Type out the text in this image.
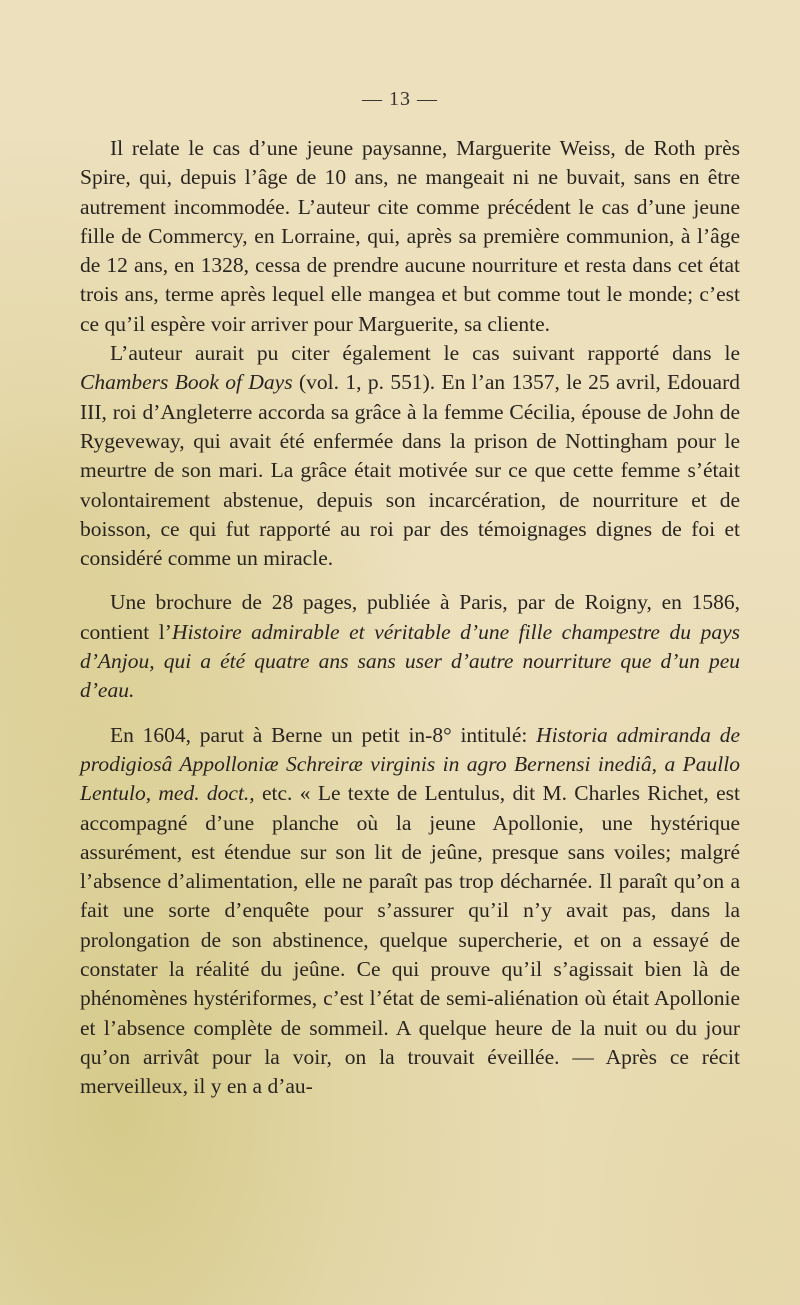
— 13 —

Il relate le cas d’une jeune paysanne, Marguerite Weiss, de Roth près Spire, qui, depuis l’âge de 10 ans, ne mangeait ni ne buvait, sans en être autrement incommodée. L’auteur cite comme précédent le cas d’une jeune fille de Commercy, en Lorraine, qui, après sa première communion, à l’âge de 12 ans, en 1328, cessa de prendre aucune nourriture et resta dans cet état trois ans, terme après lequel elle mangea et but comme tout le monde; c’est ce qu’il espère voir arriver pour Marguerite, sa cliente.

L’auteur aurait pu citer également le cas suivant rapporté dans le Chambers Book of Days (vol. 1, p. 551). En l’an 1357, le 25 avril, Edouard III, roi d’Angleterre accorda sa grâce à la femme Cécilia, épouse de John de Rygeveway, qui avait été enfermée dans la prison de Nottingham pour le meurtre de son mari. La grâce était motivée sur ce que cette femme s’était volontairement abstenue, depuis son incarcération, de nourriture et de boisson, ce qui fut rapporté au roi par des témoignages dignes de foi et considéré comme un miracle.

Une brochure de 28 pages, publiée à Paris, par de Roigny, en 1586, contient l’Histoire admirable et véritable d’une fille champestre du pays d’Anjou, qui a été quatre ans sans user d’autre nourriture que d’un peu d’eau.

En 1604, parut à Berne un petit in-8° intitulé: Historia admiranda de prodigiosâ Appolloniæ Schreiræ virginis in agro Bernensi inediâ, a Paullo Lentulo, med. doct., etc. « Le texte de Lentulus, dit M. Charles Richet, est accompagné d’une planche où la jeune Apollonie, une hystérique assurément, est étendue sur son lit de jeûne, presque sans voiles; malgré l’absence d’alimentation, elle ne paraît pas trop décharnée. Il paraît qu’on a fait une sorte d’enquête pour s’assurer qu’il n’y avait pas, dans la prolongation de son abstinence, quelque supercherie, et on a essayé de constater la réalité du jeûne. Ce qui prouve qu’il s’agissait bien là de phénomènes hystériformes, c’est l’état de semi-aliénation où était Apollonie et l’absence complète de sommeil. A quelque heure de la nuit ou du jour qu’on arrivât pour la voir, on la trouvait éveillée. — Après ce récit merveilleux, il y en a d’au-
